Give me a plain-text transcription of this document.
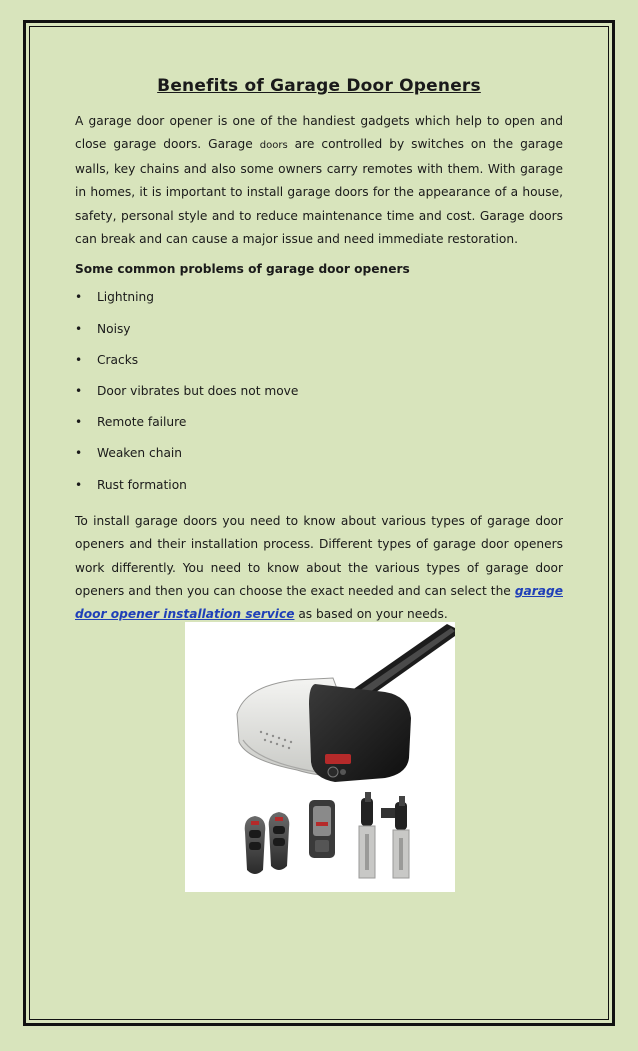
Benefits of Garage Door Openers

A garage door opener is one of the handiest gadgets which help to open and close garage doors. Garage doors are controlled by switches on the garage walls, key chains and also some owners carry remotes with them. With garage in homes, it is important to install garage doors for the appearance of a house, safety, personal style and to reduce maintenance time and cost. Garage doors can break and can cause a major issue and need immediate restoration.

Some common problems of garage door openers
•	Lightning
•	Noisy
•	Cracks
•	Door vibrates but does not move
•	Remote failure
•	Weaken chain
•	Rust formation

To install garage doors you need to know about various types of garage door openers and their installation process. Different types of garage door openers work differently. You need to know about the various types of garage door openers and then you can choose the exact needed and can select the garage door opener installation service as based on your needs.
